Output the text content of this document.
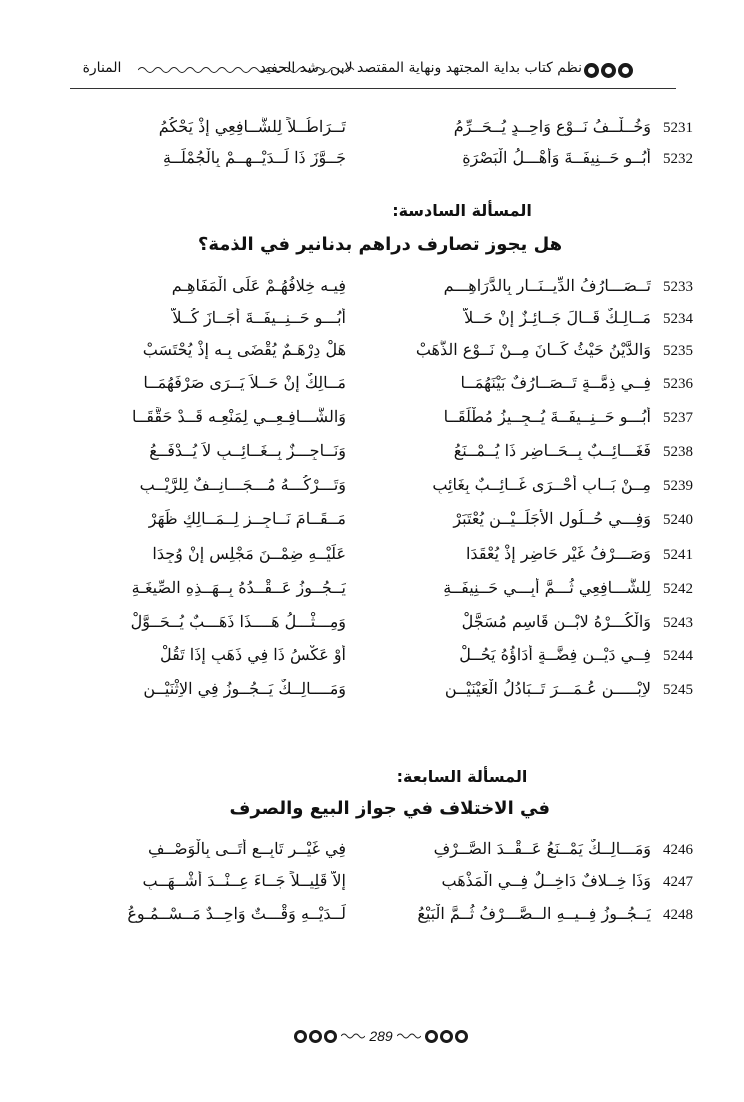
نظم كتاب بداية المجتهد ونهاية المقتصد لابن رشد الحفيد
المنارة
5231
وَخُــلْــفُ نَــوْعٍ وَاحِــدٍ يُــحَــرِّمُ
تَــرَاطُــلاً لِلشَّــافِعِي إِذْ يَحْكُمُ
5232
أَبُــو حَــنِيفَــةَ وَأَهْـــلُ الْبَصْرَةِ
جَــوَّزَ ذَا لَــدَيْــهِــمْ بِالْجُمْلَــةِ
المسألة السادسة:
هل يجوز تصارف دراهم بدنانير في الذمة؟
5233
تَــصَـــارُفُ الدِّيــنَــارِ بِالدَّرَاهِـــمِ
فِيـه خِلافُهُـمْ عَلَى الْمَفَاهِـمِ
5234
مَــالِـكٌ قَــالَ جَــائِـزٌ إِنْ حَــلاَّ
أَبُـــو حَــنِــيفَــةَ أَجَــازَ كُــلاًّ
5235
وَالدَّيْنُ حَيْثُ كَــانَ مِــنْ نَــوْعِ الذَّهَبْ
هَلْ دِرْهَـمٌ يُقْضَى بِـه إِذْ يُحْتَسَبْ
5236
فِــي ذِمَّــةٍ تَــصَــارُفٌ بَيْنَهُمَــا
مَــالِكٌ إِنْ حَــلاَ يَــرَى صَرْفَهُمَــا
5237
أَبُـــو حَــنِــيفَــةَ يُــجِــيزُ مُطْلَقَــا
وَالشَّـــافِـعِــي لِمَنْعِـه قَــدْ حَقَّقَــا
5238
فَغَـــائِــبٌ بِــحَــاضِرٍ ذَا يُــمْــنَعُ
وَنَــاجِـــزٌ بِــغَــائِــبٍ لاَ يُــدْفَــعُ
5239
مِــنْ بَــابِ أَحْــرَى غَــائِــبٌ بِغَائِبِ
وَتَـــرْكُـــهُ مُـــجَـــانِــفٌ لِلرَّيْــبِ
5240
وَفِـــي حُــلُولِ الأَجَلَــيْــنِ يُعْتَبَرْ
مَــقَــامَ نَــاجِــزٍ لِــمَــالِكٍ ظَهَرْ
5241
وَصَـــرْفُ غَيْرِ حَاضِرٍ إِذْ يُعْقَدَا
عَلَيْــهِ ضِمْــنَ مَجْلِسٍ إِنْ وُجِدَا
5242
لِلشَّـــافِعِي ثُـــمَّ أَبِـــي حَــنِيفَــةِ
يَــجُــوزُ عَــقْــدُهُ بِــهَــذِهِ الصِّيغَـةِ
5243
وَالْكُـــرْهُ لابْــنِ قَاسِمٍ مُسَجَّلْ
وَمِـــثْـــلُ هَــــذَا ذَهَـــبٌ يُــحَــوَّلْ
5244
فِــي دَيْــنِ فِضَّــةٍ أَدَاؤُهُ يَحُــلْ
أَوْ عَكْسُ ذَا فِي ذَهَبٍ إِذَا تَقُلْ
5245
لاِبْـــــنِ عُـمَـــرَ تَــبَادُلُ الْعَيْنَيْــنِ
وَمَــــالِــكٌ يَــجُــوزُ فِي الاِثْنَيْــنِ
المسألة السابعة:
في الاختلاف في جواز البيع والصرف
4246
وَمَـــالِــكٌ يَمْــنَعُ عَــقْــدَ الصَّــرْفِ
فِي غَيْــرِ تَابِــعٍ أَتَــى بِالْوَصْــفِ
4247
وَذَا خِــلافٌ دَاخِــلٌ فِــي الْمَذْهَبِ
إِلاَّ قَلِيــلاً جَــاءَ عِــنْــدَ أَشْــهَــبِ
4248
يَــجُــوزُ فِــيــهِ الــصَّـــرْفُ ثُــمَّ الْبَيْعُ
لَــدَيْــهِ وَقْـــتٌ وَاحِــدٌ مَــسْــمُـوعُ
289
